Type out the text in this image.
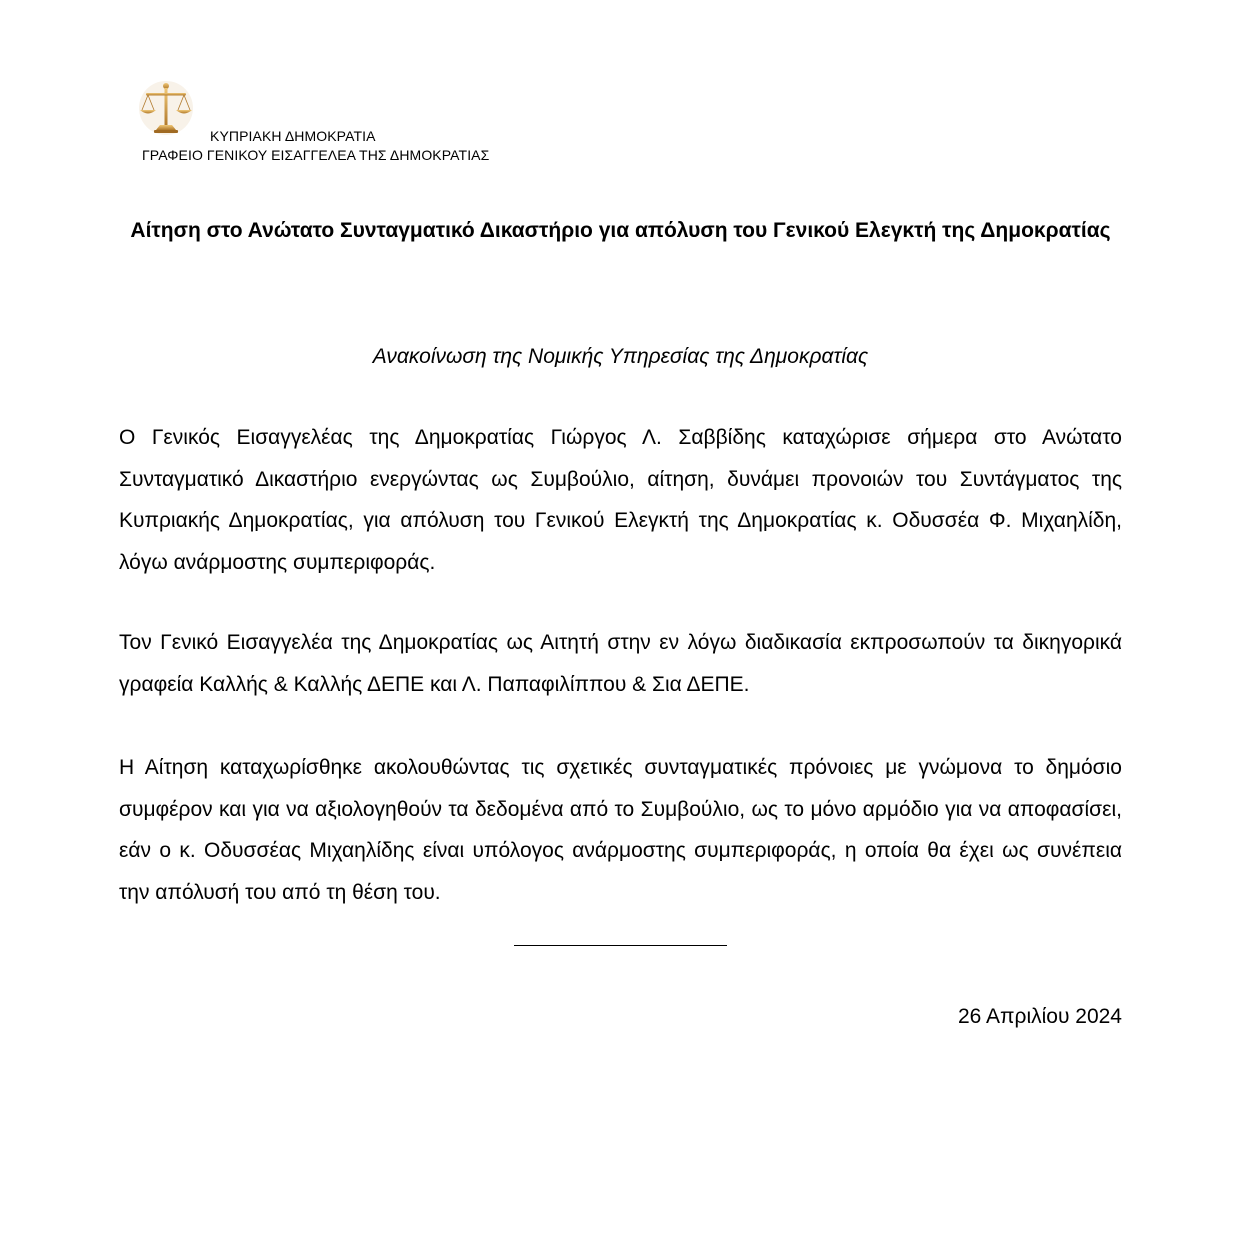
ΚΥΠΡΙΑΚΗ ΔΗΜΟΚΡΑΤΙΑ
ΓΡΑΦΕΙΟ ΓΕΝΙΚΟΥ ΕΙΣΑΓΓΕΛΕΑ ΤΗΣ ΔΗΜΟΚΡΑΤΙΑΣ
Αίτηση στο Ανώτατο Συνταγματικό Δικαστήριο για απόλυση του Γενικού Ελεγκτή της Δημοκρατίας
Ανακοίνωση της Νομικής Υπηρεσίας της Δημοκρατίας

Ο Γενικός Εισαγγελέας της Δημοκρατίας Γιώργος Λ. Σαββίδης καταχώρισε σήμερα στο Ανώτατο Συνταγματικό Δικαστήριο ενεργώντας ως Συμβούλιο, αίτηση, δυνάμει προνοιών του Συντάγματος της Κυπριακής Δημοκρατίας, για απόλυση του Γενικού Ελεγκτή της Δημοκρατίας κ. Οδυσσέα Φ. Μιχαηλίδη, λόγω ανάρμοστης συμπεριφοράς.

Τον Γενικό Εισαγγελέα της Δημοκρατίας ως Αιτητή στην εν λόγω διαδικασία εκπροσωπούν τα δικηγορικά γραφεία Καλλής & Καλλής ΔΕΠΕ και Λ. Παπαφιλίππου & Σια ΔΕΠΕ.

Η Αίτηση καταχωρίσθηκε ακολουθώντας τις σχετικές συνταγματικές πρόνοιες με γνώμονα το δημόσιο συμφέρον και για να αξιολογηθούν τα δεδομένα από το Συμβούλιο, ως το μόνο αρμόδιο για να αποφασίσει, εάν ο κ. Οδυσσέας Μιχαηλίδης είναι υπόλογος ανάρμοστης συμπεριφοράς, η οποία θα έχει ως συνέπεια την απόλυσή του από τη θέση του.

26 Απριλίου 2024
